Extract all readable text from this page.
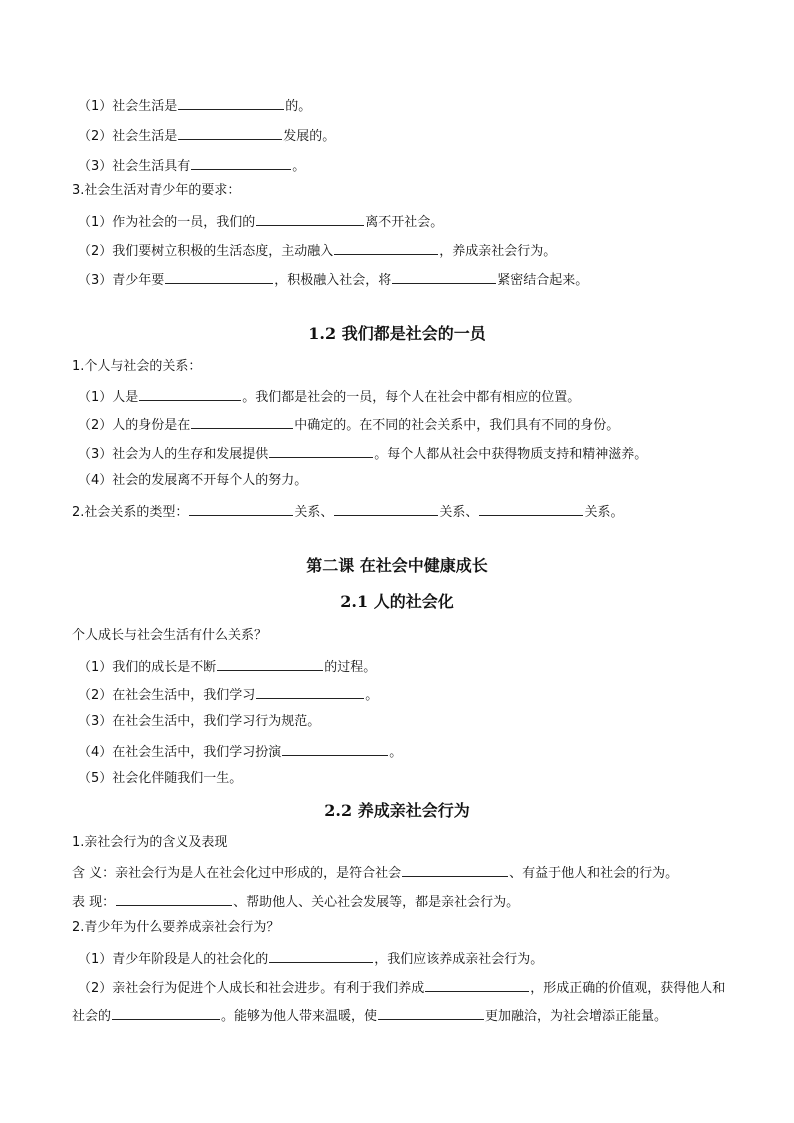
（1）社会生活是	的。
（2）社会生活是	发展的。
（3）社会生活具有	。
3.社会生活对青少年的要求：
（1）作为社会的一员，我们的	离不开社会。
（2）我们要树立积极的生活态度，主动融入	，养成亲社会行为。
（3）青少年要	，积极融入社会，将	紧密结合起来。
1.2 我们都是社会的一员
1.个人与社会的关系：
（1）人是	。我们都是社会的一员，每个人在社会中都有相应的位置。
（2）人的身份是在	中确定的。在不同的社会关系中，我们具有不同的身份。
（3）社会为人的生存和发展提供	。每个人都从社会中获得物质支持和精神滋养。
（4）社会的发展离不开每个人的努力。
2.社会关系的类型：	关系、	关系、	关系。
第二课 在社会中健康成长
2.1 人的社会化
个人成长与社会生活有什么关系？
（1）我们的成长是不断	的过程。
（2）在社会生活中，我们学习	。
（3）在社会生活中，我们学习行为规范。
（4）在社会生活中，我们学习扮演	。
（5）社会化伴随我们一生。
2.2 养成亲社会行为
1.亲社会行为的含义及表现
含 义：亲社会行为是人在社会化过中形成的，是符合社会	、有益于他人和社会的行为。
表 现：	、帮助他人、关心社会发展等，都是亲社会行为。
2.青少年为什么要养成亲社会行为？
（1）青少年阶段是人的社会化的	，我们应该养成亲社会行为。
（2）亲社会行为促进个人成长和社会进步。有利于我们养成	，形成正确的价值观，获得他人和
社会的	。能够为他人带来温暖，使	更加融洽，为社会增添正能量。
